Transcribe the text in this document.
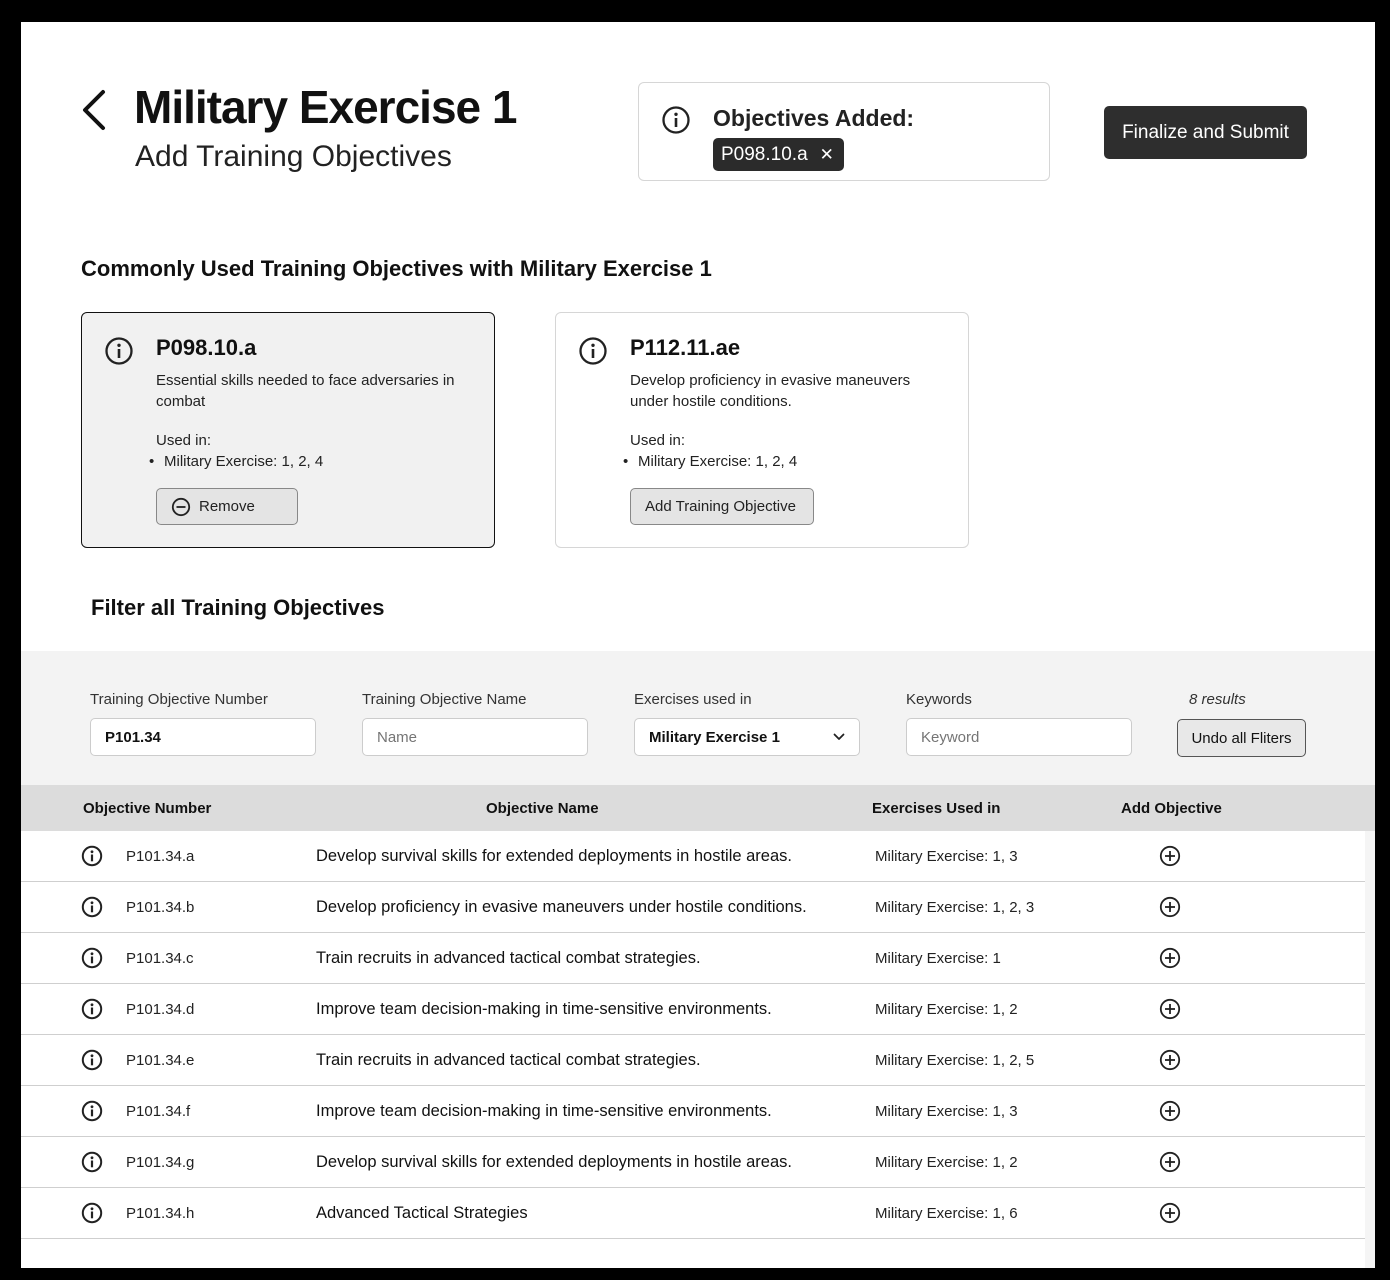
Military Exercise 1
Add Training Objectives
Objectives Added:
P098.10.a ✕
Finalize and Submit
Commonly Used Training Objectives with Military Exercise 1
P098.10.a
Essential skills needed to face adversaries in combat
Used in:
• Military Exercise: 1, 2, 4
Remove
P112.11.ae
Develop proficiency in evasive maneuvers under hostile conditions.
Used in:
• Military Exercise: 1, 2, 4
Add Training Objective
Filter all Training Objectives
Training Objective Number
P101.34	Training Objective Name
Name	Exercises used in
Military Exercise 1
Keywords
Keyword	8 results
Undo all Fliters
Objective Number	Objective Name	Exercises Used in	Add Objective
P101.34.a	Develop survival skills for extended deployments in hostile areas.	Military Exercise: 1, 3
P101.34.b	Develop proficiency in evasive maneuvers under hostile conditions.	Military Exercise: 1, 2, 3
P101.34.c	Train recruits in advanced tactical combat strategies.	Military Exercise: 1
P101.34.d	Improve team decision-making in time-sensitive environments.	Military Exercise: 1, 2
P101.34.e	Train recruits in advanced tactical combat strategies.	Military Exercise: 1, 2, 5
P101.34.f	Improve team decision-making in time-sensitive environments.	Military Exercise: 1, 3
P101.34.g	Develop survival skills for extended deployments in hostile areas.	Military Exercise: 1, 2
P101.34.h	Advanced Tactical Strategies	Military Exercise: 1, 6
